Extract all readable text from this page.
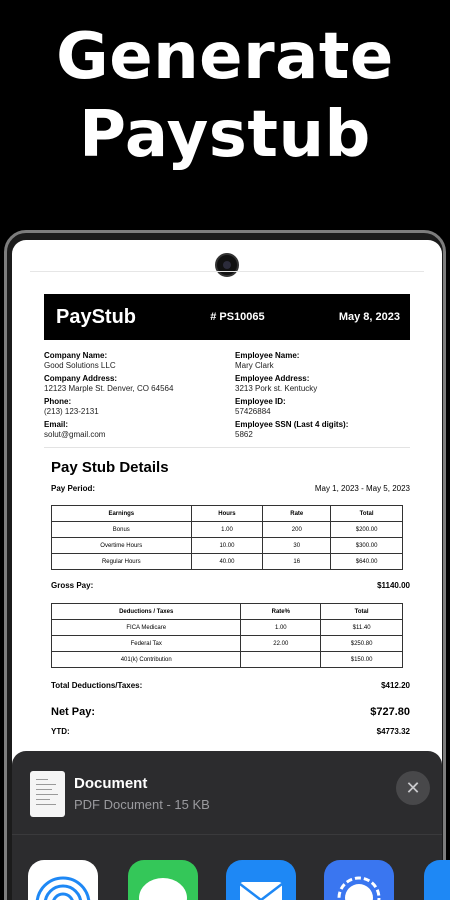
Generate
Paystub
PayStub	# PS10065	May 8, 2023
Company Name:
Good Solutions LLC
Company Address:
12123 Marple St. Denver, CO 64564
Phone:
(213) 123-2131
Email:
solut@gmail.com
Employee Name:
Mary Clark
Employee Address:
3213 Pork st. Kentucky
Employee ID:
57426884
Employee SSN (Last 4 digits):
5862
Pay Stub Details
Pay Period:	May 1, 2023 - May 5, 2023
Earnings	Hours	Rate	Total
Bonus	1.00	200	$200.00
Overtime Hours	10.00	30	$300.00
Regular Hours	40.00	16	$640.00
Gross Pay:	$1140.00
Deductions / Taxes	Rate%	Total
FICA Medicare	1.00	$11.40
Federal Tax	22.00	$250.80
401(k) Contribution		$150.00
Total Deductions/Taxes:	$412.20
Net Pay:	$727.80
YTD:	$4773.32
Document
PDF Document - 15 KB
✕
